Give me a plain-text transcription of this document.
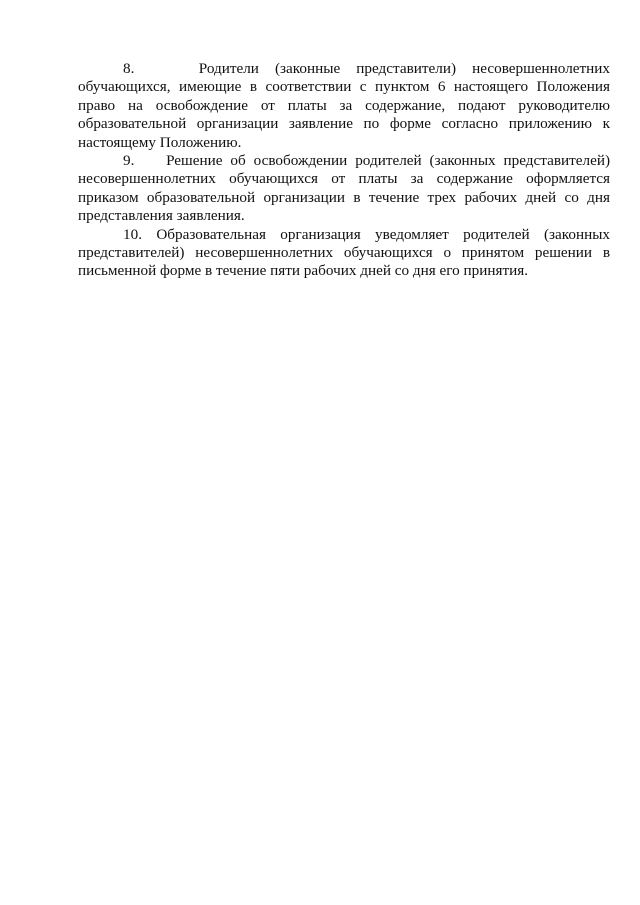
8.	Родители (законные представители) несовершеннолетних обучающихся, имеющие в соответствии с пунктом 6 настоящего Положения право на освобождение от платы за содержание, подают руководителю образовательной организации заявление по форме согласно приложению к настоящему Положению.

9. Решение об освобождении родителей (законных представителей) несовершеннолетних обучающихся от платы за содержание оформляется приказом образовательной организации в течение трех рабочих дней со дня представления заявления.

10. Образовательная организация уведомляет родителей (законных представителей) несовершеннолетних обучающихся о принятом решении в письменной форме в течение пяти рабочих дней со дня его принятия.
